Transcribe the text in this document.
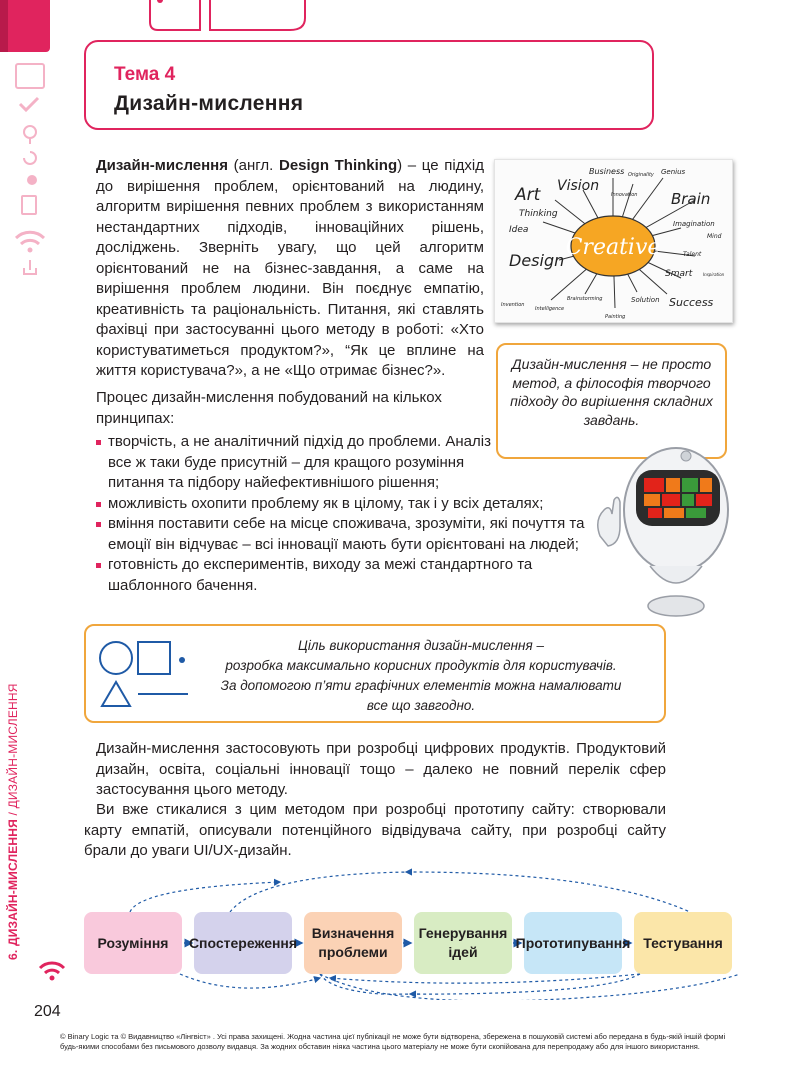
Тема 4
Дизайн-мислення
Дизайн-мислення (англ. Design Thinking) – це підхід до вирішення проблем, орієнтований на людину, алгоритм вирішення певних проблем з використанням нестандартних підходів, інноваційних рішень, досліджень. Зверніть увагу, що цей алгоритм орієнтований не на бізнес-завдання, а саме на вирішення проблем людини. Він поєднує емпатію, креативність та раціональність. Питання, які ставлять фахівці при застосуванні цього методу в роботі: «Хто користуватиметься продуктом?», “Як це вплине на життя користувача?», а не «Що отримає бізнес?».
Creative
Art Vision
Business Originality Genius
Brain
Innovation
Thinking
Idea
Imagination
Mind
Talent
Design
Smart	Inspiration
Success
Solution
Brainstorming
Painting
Invention
Intelligence
Дизайн-мислення – не просто метод, а філософія творчого підходу до вирішення складних завдань.
Процес дизайн-мислення побудований на кількох принципах:
творчість, а не аналітичний підхід до проблеми. Аналіз все ж таки буде присутній – для кращого розуміння питання та підбору найефективнішого рішення;
можливість охопити проблему як в цілому, так і у всіх деталях;
вміння поставити себе на місце споживача, зрозуміти, які почуття та емоції він відчуває – всі інновації мають бути орієнтовані на людей;
готовність до експериментів, виходу за межі стандартного та шаблонного бачення.
Ціль використання дизайн-мислення –
розробка максимально корисних продуктів для користувачів.
За допомогою п’яти графічних елементів можна намалювати
все що завгодно.
Дизайн-мислення застосовують при розробці цифрових продуктів. Продуктовий дизайн, освіта, соціальні інновації тощо – далеко не повний перелік сфер застосування цього методу.
Ви вже стикалися з цим методом при розробці прототипу сайту: створювали карту емпатій, описували потенційного відвідувача сайту, при розробці сайту брали до уваги UI/UX-дизайн.
Розуміння Спостереження
Визначення проблеми
Генерування ідей
Прототипування Тестування
6. ДИЗАЙН-МИСЛЕННЯ / ДИЗАЙН-МИСЛЕННЯ
204
© Binary Logic та © Видавництво «Лінгвіст» . Усі права захищені. Жодна частина цієї публікації не може бути відтворена, збережена в пошуковій системі або передана в будь-якій іншій формі будь-якими способами без письмового дозволу видавця. За жодних обставин ніяка частина цього матеріалу не може бути скопійована для перепродажу або для іншого використання.
